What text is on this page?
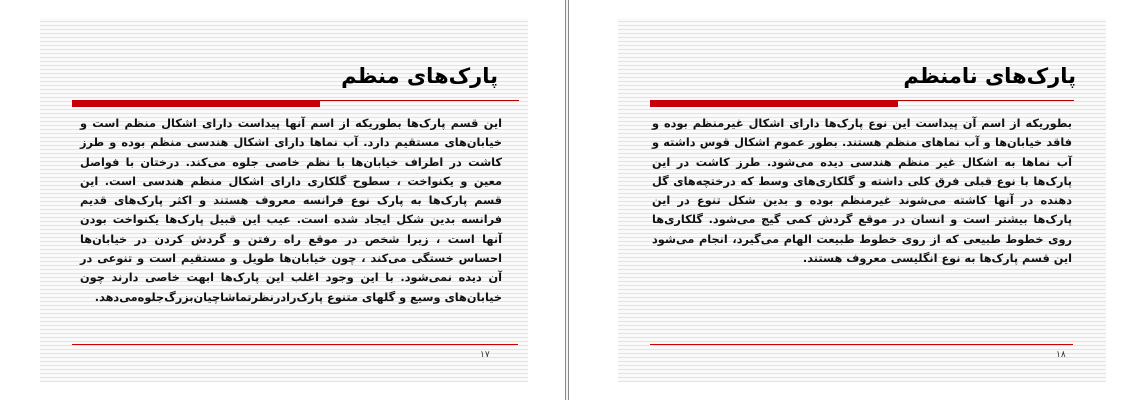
پارک‌های منظم

این قسم پارک‌ها بطوریکه از اسم آنها پیداست دارای اشکال منظم است و خیابان‌های مستقیم دارد. آب نماها دارای اشکال هندسی منظم بوده و طرز کاشت در اطراف خیابان‌ها با نظم خاصی جلوه می‌کند. درختان با فواصل معین و یکنواخت ، سطوح گلکاری دارای اشکال منظم هندسی است. این قسم پارک‌ها به پارک نوع فرانسه معروف هستند و اکثر پارک‌های قدیم فرانسه بدین شکل ایجاد شده است. عیب این قبیل پارک‌ها یکنواخت بودن آنها است ، زیرا شخص در موقع راه رفتن و گردش کردن در خیابان‌ها احساس خستگی می‌کند ، چون خیابان‌ها طویل و مستقیم است و تنوعی در آن دیده نمی‌شود. با این وجود اغلب این پارک‌ها ابهت خاصی دارند چون خیابان‌های وسیع و گلهای متنوع پارک‌رادرنظرتماشاچیان‌بزرگ‌جلوه‌می‌دهد.

۱۷
پارک‌های نامنظم

بطوریکه از اسم آن پیداست این نوع پارک‌ها دارای اشکال غیرمنظم بوده و فاقد خیابان‌ها و آب نماهای منظم هستند. بطور عموم اشکال قوس داشته و آب نماها به اشکال غیر منظم هندسی دیده می‌شود. طرز کاشت در این پارک‌ها با نوع قبلی فرق کلی داشته و گلکاری‌های وسط که درختچه‌های گل دهنده در آنها کاشته می‌شوند غیرمنظم بوده و بدین شکل تنوع در این پارک‌ها بیشتر است و انسان در موقع گردش کمی گیج می‌شود. گلکاری‌ها روی خطوط طبیعی که از روی خطوط طبیعت الهام می‌گیرد، انجام می‌شود این قسم پارک‌ها به نوع انگلیسی معروف هستند.

۱۸
